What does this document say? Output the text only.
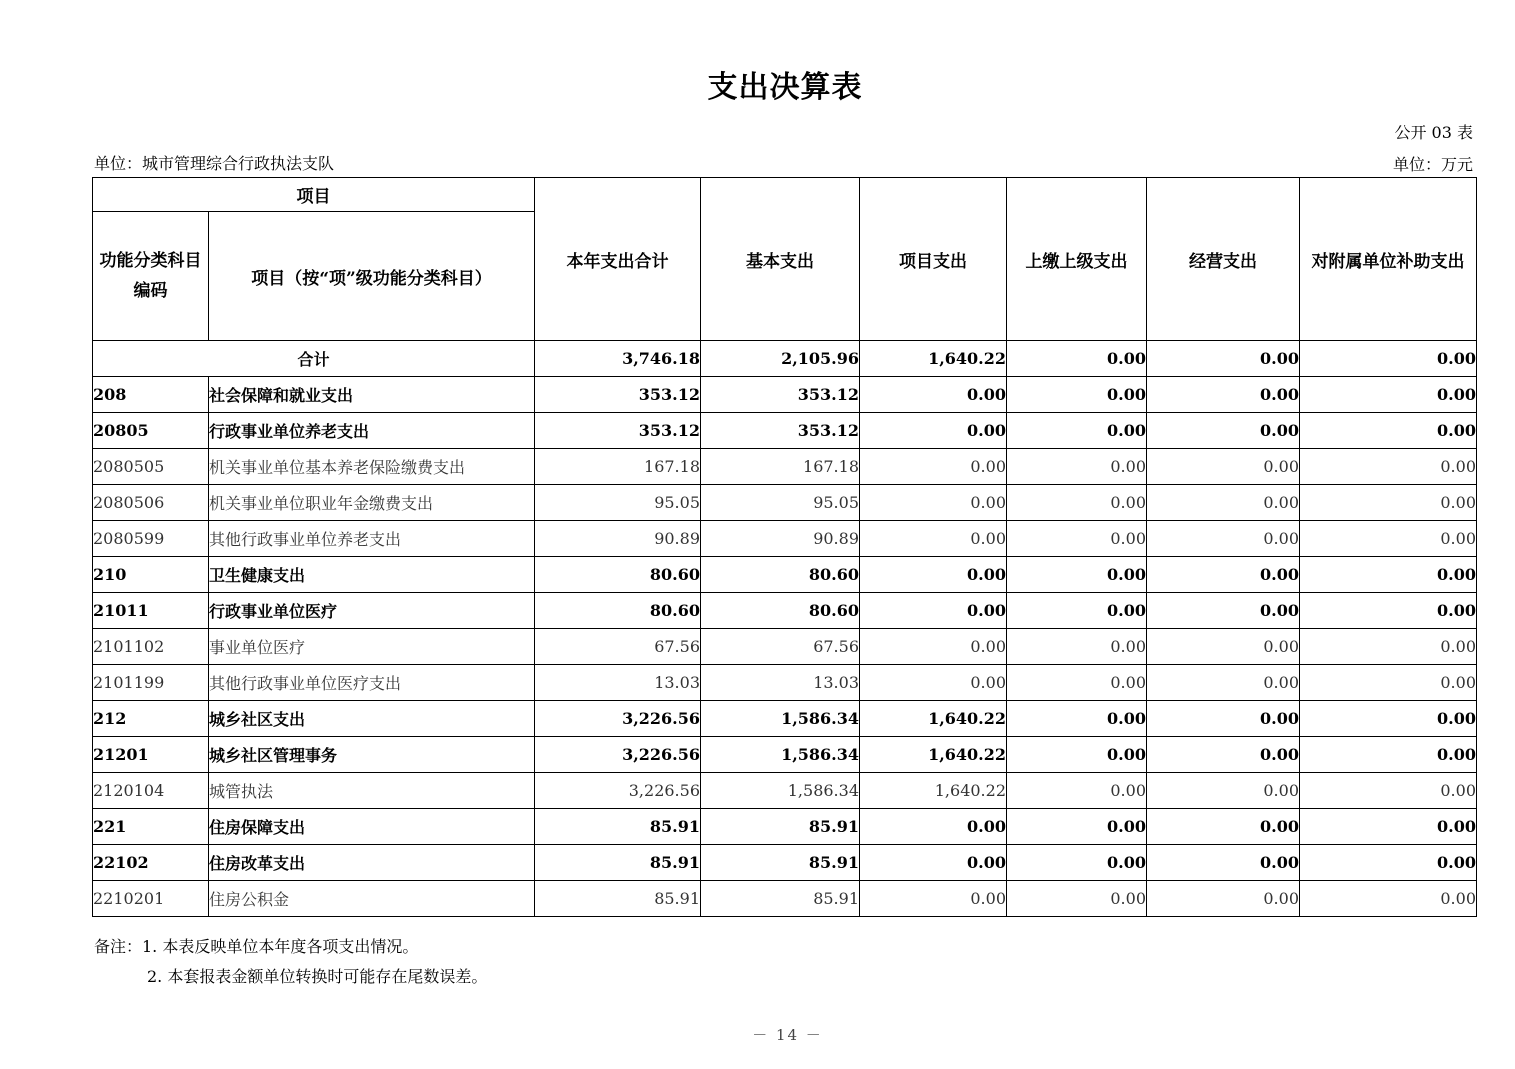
支出决算表
公开 03 表
单位：城市管理综合行政执法支队	单位：万元
项目		本年支出合计	基本支出	项目支出	上缴上级支出	经营支出	对附属单位补助支出
功能分类科目编码	项目（按“项”级功能分类科目）						
合计		3,746.18	2,105.96	1,640.22	0.00	0.00	0.00
208	社会保障和就业支出	353.12	353.12	0.00	0.00	0.00	0.00
20805	行政事业单位养老支出	353.12	353.12	0.00	0.00	0.00	0.00
2080505	机关事业单位基本养老保险缴费支出	167.18	167.18	0.00	0.00	0.00	0.00
2080506	机关事业单位职业年金缴费支出	95.05	95.05	0.00	0.00	0.00	0.00
2080599	其他行政事业单位养老支出	90.89	90.89	0.00	0.00	0.00	0.00
210	卫生健康支出	80.60	80.60	0.00	0.00	0.00	0.00
21011	行政事业单位医疗	80.60	80.60	0.00	0.00	0.00	0.00
2101102	事业单位医疗	67.56	67.56	0.00	0.00	0.00	0.00
2101199	其他行政事业单位医疗支出	13.03	13.03	0.00	0.00	0.00	0.00
212	城乡社区支出	3,226.56	1,586.34	1,640.22	0.00	0.00	0.00
21201	城乡社区管理事务	3,226.56	1,586.34	1,640.22	0.00	0.00	0.00
2120104	城管执法	3,226.56	1,586.34	1,640.22	0.00	0.00	0.00
221	住房保障支出	85.91	85.91	0.00	0.00	0.00	0.00
22102	住房改革支出	85.91	85.91	0.00	0.00	0.00	0.00
2210201	住房公积金	85.91	85.91	0.00	0.00	0.00	0.00
备注：1. 本表反映单位本年度各项支出情况。
2. 本套报表金额单位转换时可能存在尾数误差。
－ 14 －
